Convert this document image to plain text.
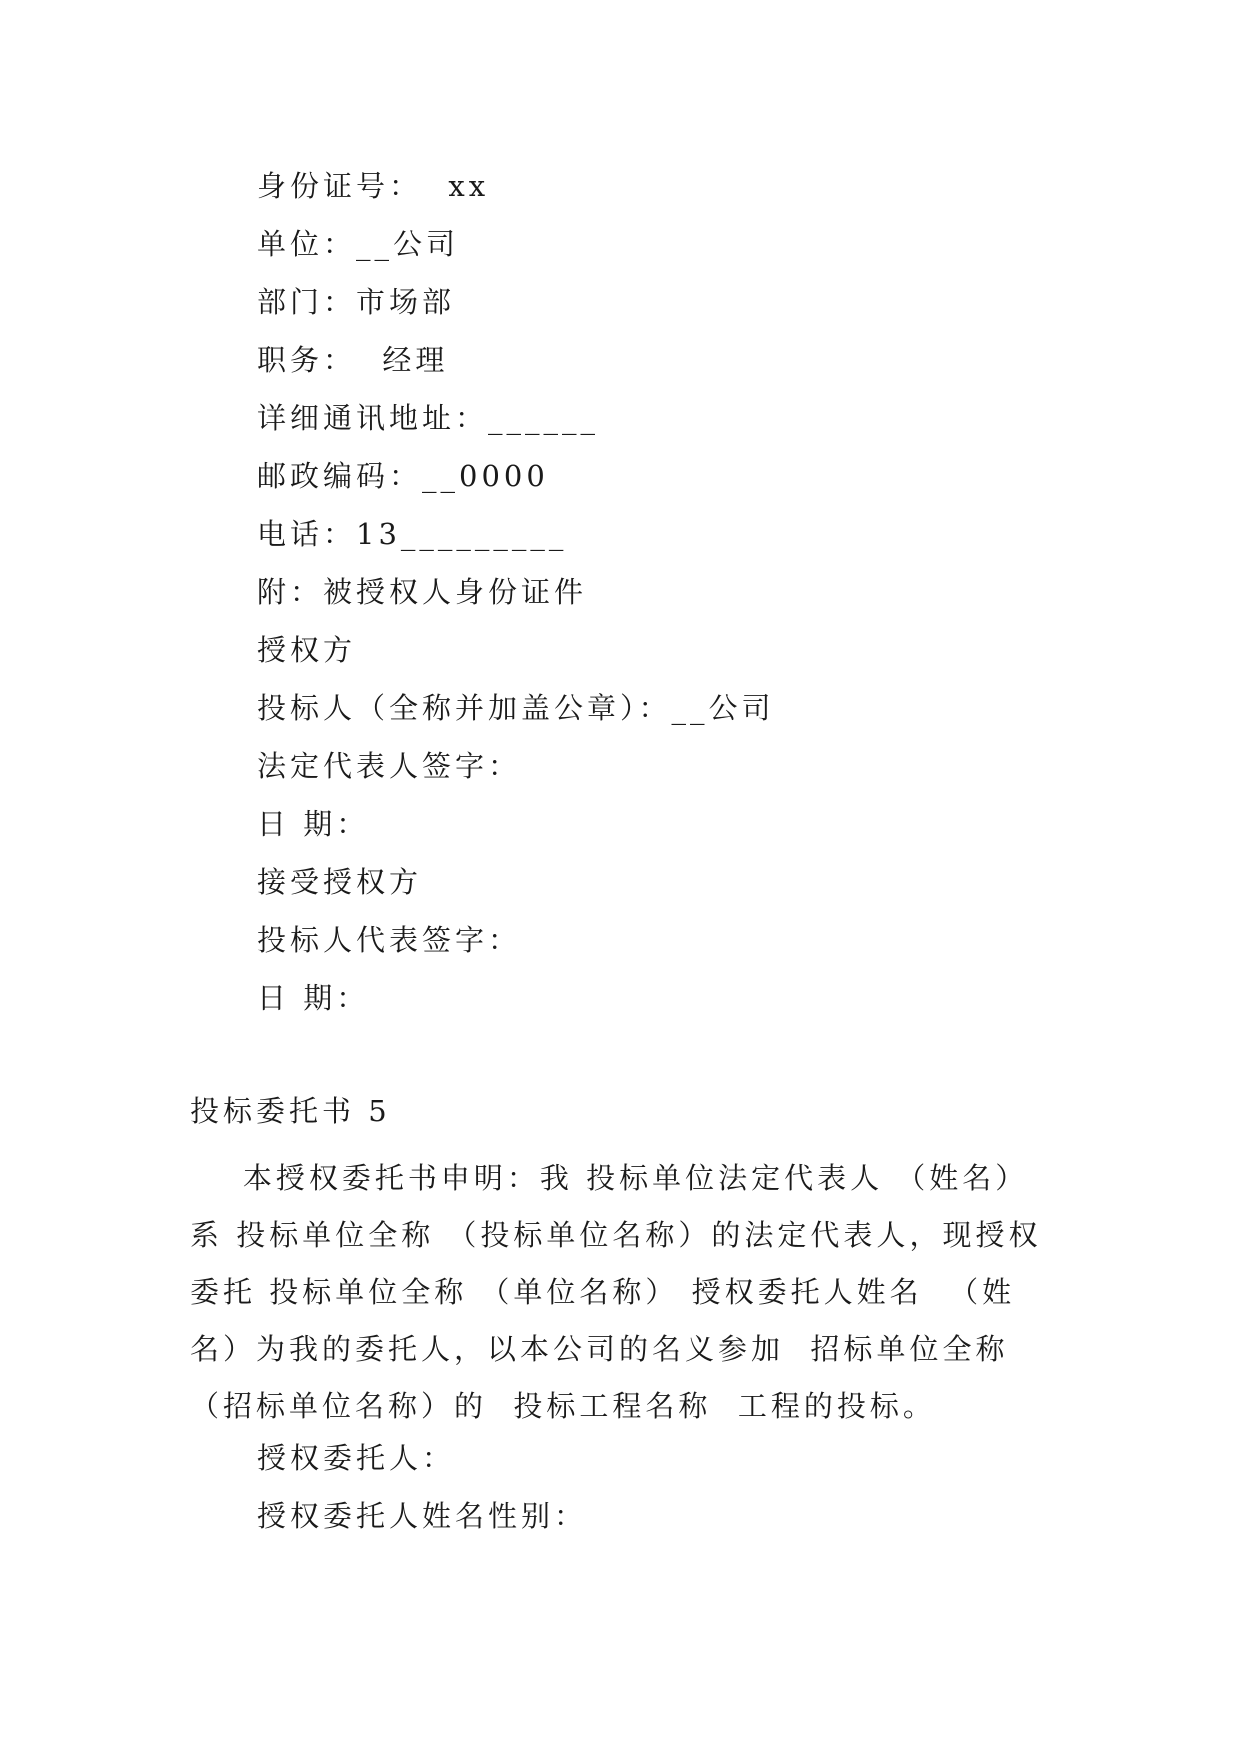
身份证号：  xx
单位：__公司
部门：市场部
职务：  经理
详细通讯地址：______
邮政编码：__0000
电话：13_________
附：被授权人身份证件
授权方
投标人（全称并加盖公章）：__公司
法定代表人签字：
日 期：
接受授权方
投标人代表签字：
日 期：
投标委托书 5
本授权委托书申明：我 投标单位法定代表人 （姓名）
系 投标单位全称 （投标单位名称）的法定代表人，现授权
委托 投标单位全称 （单位名称） 授权委托人姓名  （姓
名）为我的委托人，以本公司的名义参加  招标单位全称
（招标单位名称）的  投标工程名称  工程的投标。
授权委托人：
授权委托人姓名性别：
